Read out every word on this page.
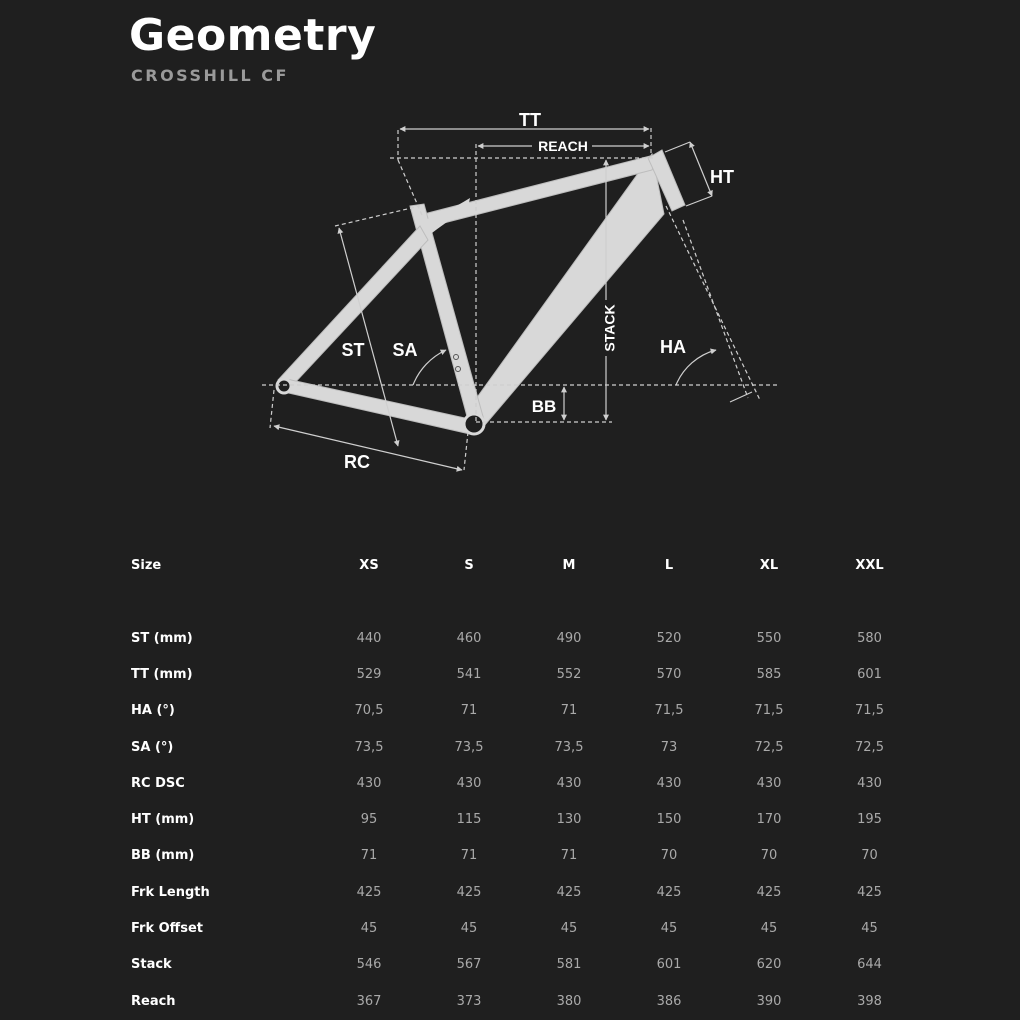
Geometry
CROSSHILL CF
TT
REACH
HT
ST SA	STACK HA
BB
RC
Size	XS	S	M	L	XL	XXL

ST (mm)	440	460	490	520	550	580
TT (mm)	529	541	552	570	585	601
HA (°)	70,5	71	71	71,5	71,5	71,5
SA (°)	73,5	73,5	73,5	73	72,5	72,5
RC DSC	430	430	430	430	430	430
HT (mm)	95	115	130	150	170	195
BB (mm)	71	71	71	70	70	70
Frk Length	425	425	425	425	425	425
Frk Offset	45	45	45	45	45	45
Stack	546	567	581	601	620	644
Reach	367	373	380	386	390	398
